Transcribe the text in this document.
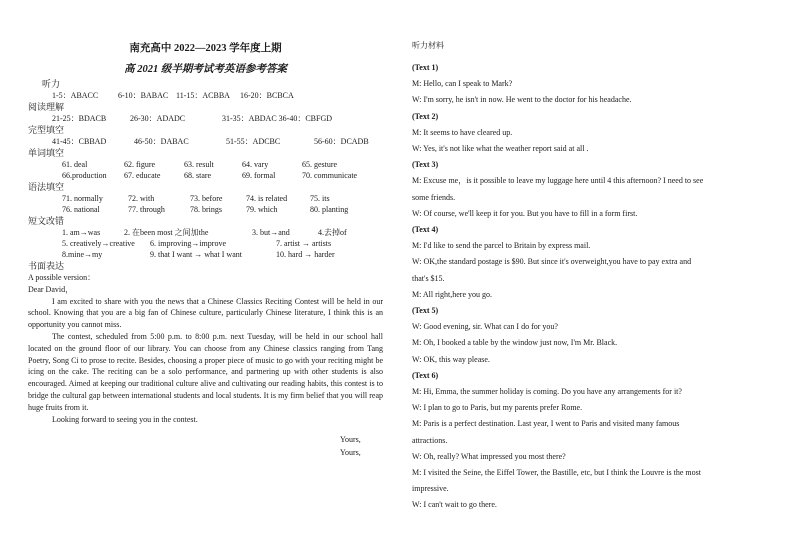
南充高中 2022—2023 学年度上期
高 2021 级半期考试考英语参考答案
听力
1-5：ABACC	6-10：BABAC 11-15：ACBBA	16-20：BCBCA
阅读理解
21-25：BDACB	26-30：ADADC	31-35：ABDAC 36-40：CBFGD
完型填空
41-45：CBBAD	46-50：DABAC	51-55：ADCBC	56-60：DCADB
单词填空
61. deal	62. figure	63. result	64. vary	65. gesture
66.production	67. educate	68. stare	69. formal	70. communicate
语法填空
71. normally	72. with	73. before	74. is related	75. its
76. national	77. through	78. brings	79. which	80. planting
短文改错
1. am→was	2. 在been most 之间加the	3. but→and	4.去掉of
5. creatively→creative	6. improving→improve	7. artist → artists
8.mine→my	9. that I want → what I want	10. hard → harder
书面表达

A possible version：

Dear David，

I am excited to share with you the news that a Chinese Classics Reciting Contest will be held in our school. Knowing that you are a big fan of Chinese culture, particularly Chinese literature, I think this is an opportunity you cannot miss.

The contest, scheduled from 5:00 p.m. to 8:00 p.m. next Tuesday, will be held in our school hall located on the ground floor of our library. You can choose from any Chinese classics ranging from Tang Poetry, Song Ci to prose to recite. Besides, choosing a proper piece of music to go with your reciting might be icing on the cake. The reciting can be a solo performance, and partnering up with other students is also encouraged. Aimed at keeping our traditional culture alive and cultivating our reading habits, this contest is to bridge the cultural gap between international students and local students. It is my firm belief that you will reap huge fruits from it.

Looking forward to seeing you in the contest.

Yours,
Yours,
听力材料

(Text 1)

M: Hello, can I speak to Mark?

W: I'm sorry, he isn't in now. He went to the doctor for his headache.

(Text 2)

M: It seems to have cleared up.

W: Yes, it's not like what the weather report said at all .

(Text 3)

M: Excuse me，is it possible to leave my luggage here until 4 this afternoon? I need to see

some friends.

W: Of course, we'll keep it for you. But you have to fill in a form first.

(Text 4)

M: I'd like to send the parcel to Britain by express mail.

W: OK,the standard postage is $90. But since it's overweight,you have to pay extra and

that's $15.

M: All right,here you go.

(Text 5)

W: Good evening, sir. What can I do for you?

M: Oh, I booked a table by the window just now, I'm Mr. Black.

W: OK, this way please.

(Text 6)

M: Hi, Emma, the summer holiday is coming. Do you have any arrangements for it?

W: I plan to go to Paris, but my parents prefer Rome.

M: Paris is a perfect destination. Last year, I went to Paris and visited many famous

attractions.

W: Oh, really? What impressed you most there?

M: I visited the Seine, the Eiffel Tower, the Bastille, etc, but I think the Louvre is the most

impressive.

W: I can't wait to go there.
